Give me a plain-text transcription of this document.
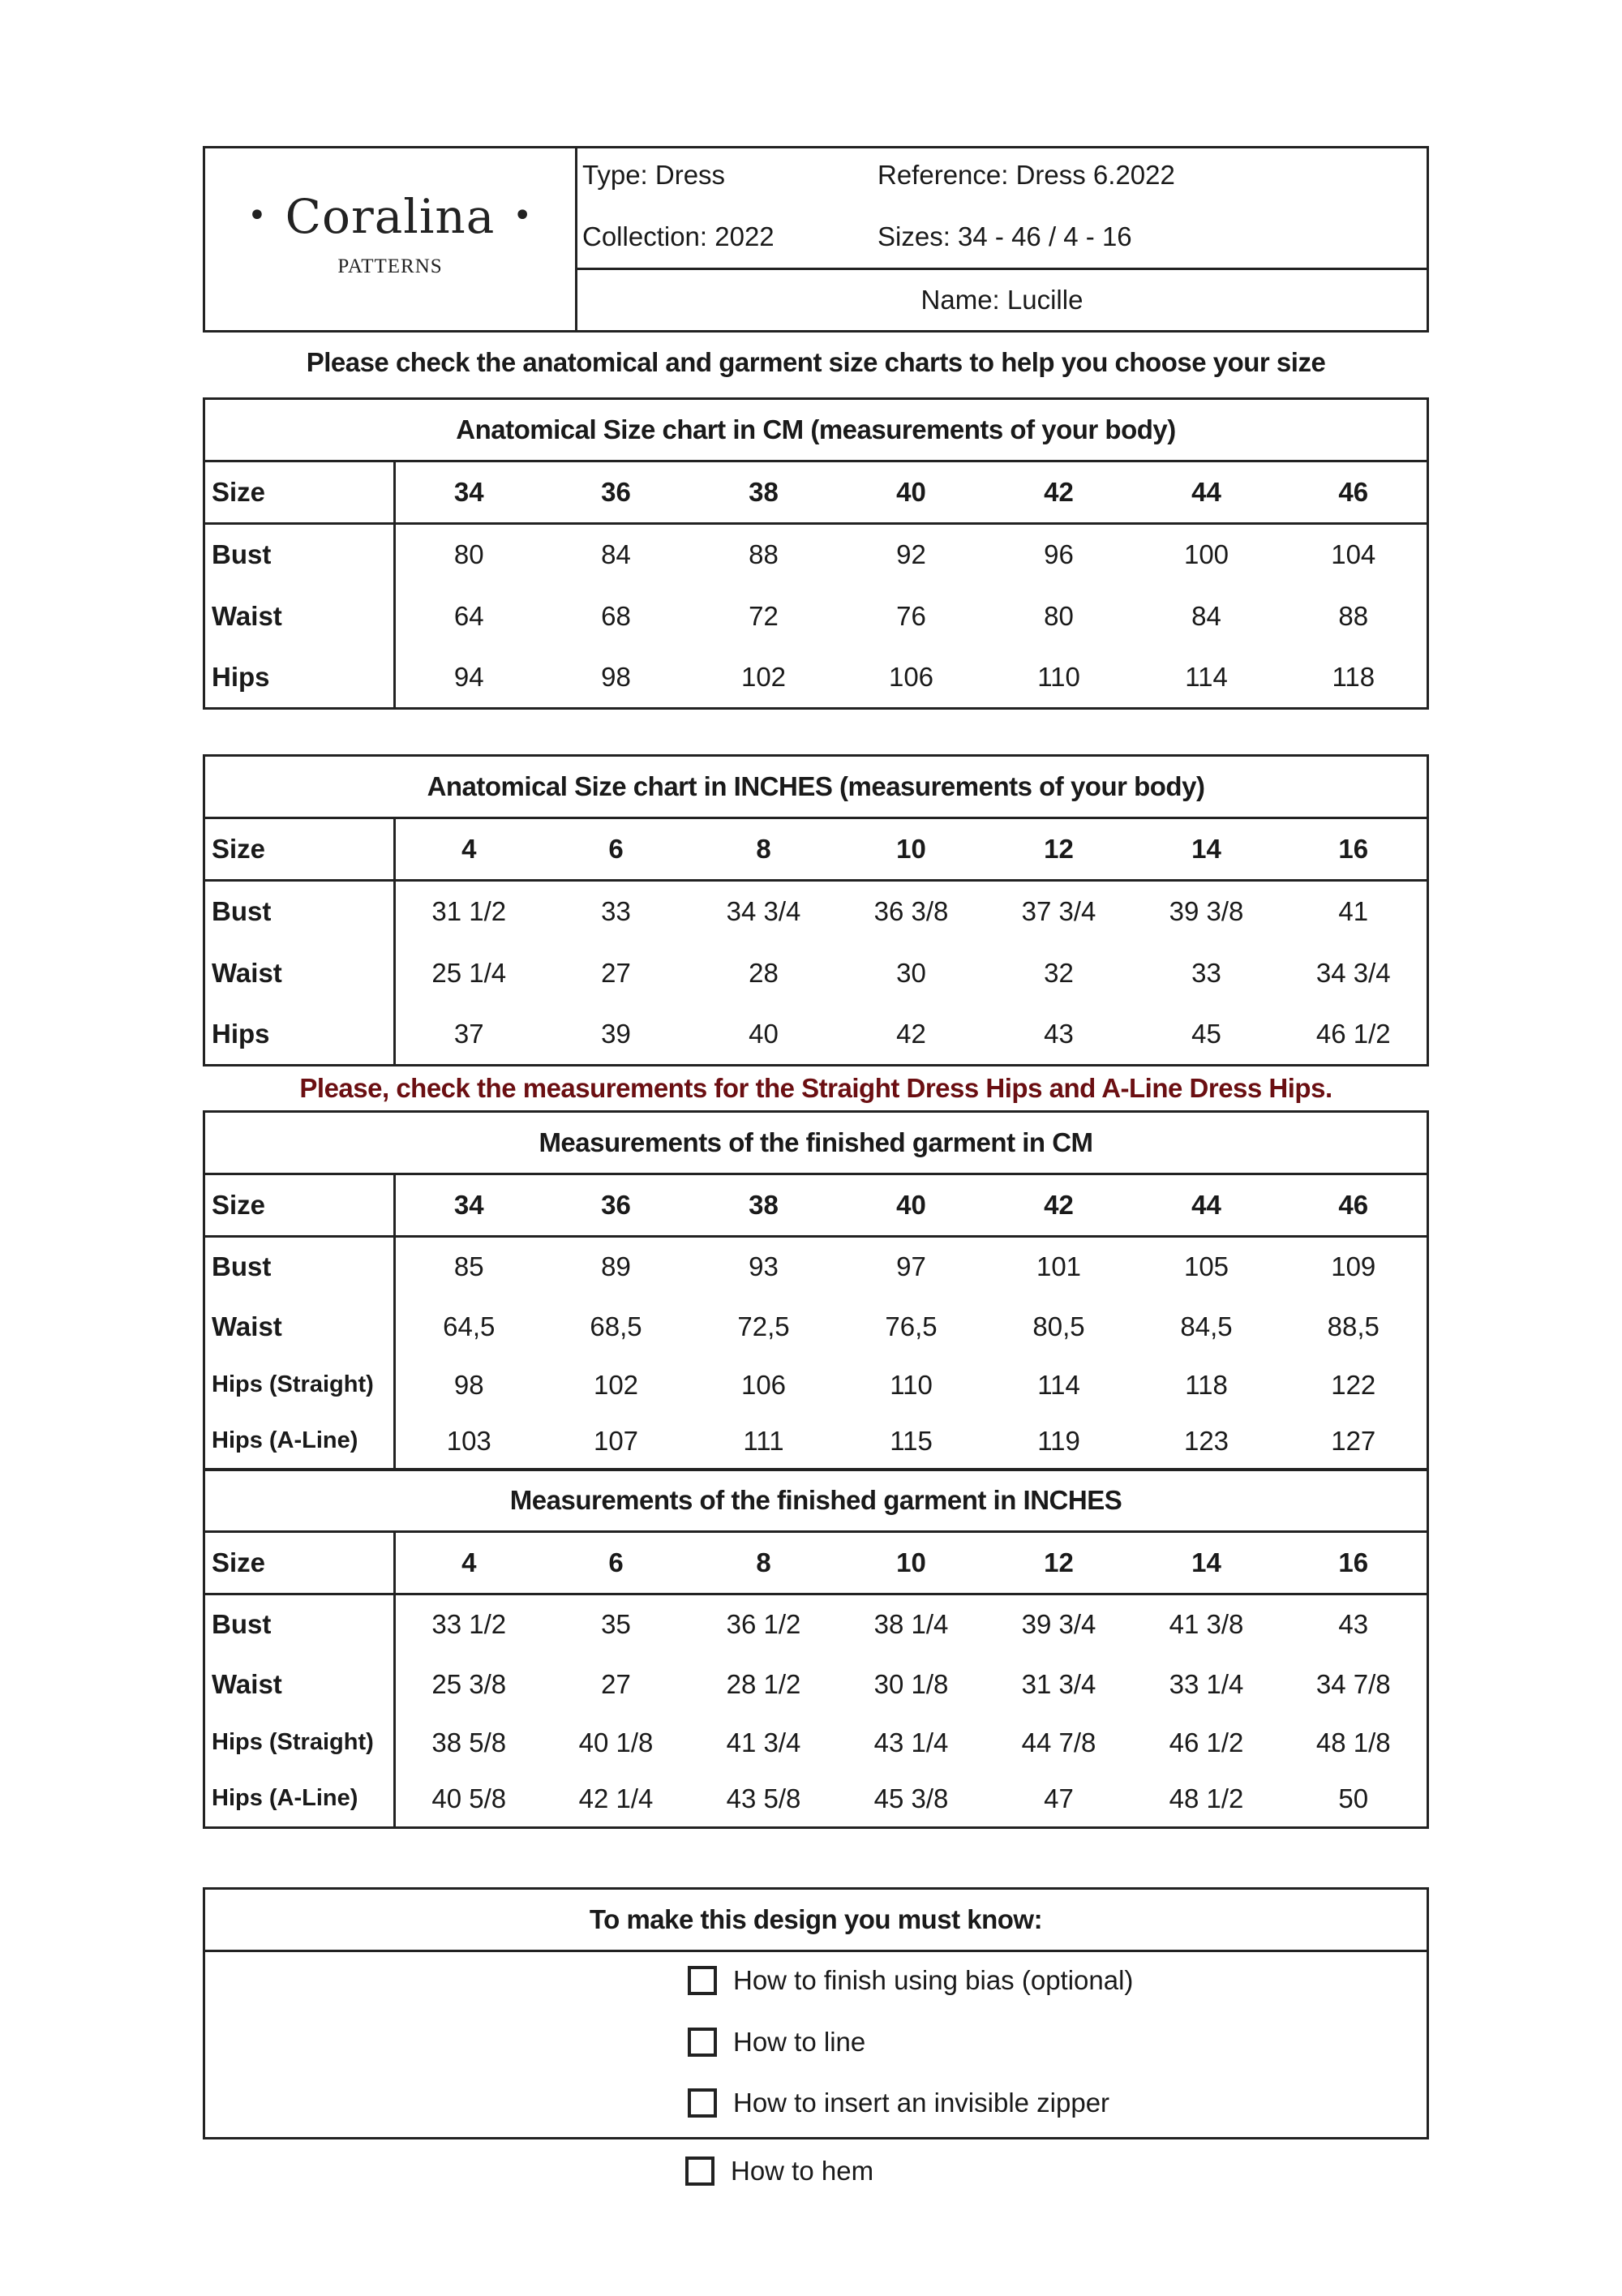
• Coralina •
PATTERNS
Type: Dress	Reference: Dress 6.2022
Collection: 2022	Sizes: 34 - 46 / 4 - 16
Name: Lucille
Please check the anatomical and garment size charts to help you choose your size
Anatomical Size chart in CM (measurements of your body)							
Size	34	36	38	40	42	44	46
Bust	80	84	88	92	96	100	104
Waist	64	68	72	76	80	84	88
Hips	94	98	102	106	110	114	118
Anatomical Size chart in INCHES (measurements of your body)							
Size	4	6	8	10	12	14	16
Bust	31 1/2	33	34 3/4	36 3/8	37 3/4	39 3/8	41
Waist	25 1/4	27	28	30	32	33	34 3/4
Hips	37	39	40	42	43	45	46 1/2
Please, check the measurements for the Straight Dress Hips and A-Line Dress Hips.
Measurements of the finished garment in CM							
Size	34	36	38	40	42	44	46
Bust	85	89	93	97	101	105	109
Waist	64,5	68,5	72,5	76,5	80,5	84,5	88,5
Hips (Straight)	98	102	106	110	114	118	122
Hips (A-Line)	103	107	111	115	119	123	127
Measurements of the finished garment in INCHES							
Size	4	6	8	10	12	14	16
Bust	33 1/2	35	36 1/2	38 1/4	39 3/4	41 3/8	43
Waist	25 3/8	27	28 1/2	30 1/8	31 3/4	33 1/4	34 7/8
Hips (Straight)	38 5/8	40 1/8	41 3/4	43 1/4	44 7/8	46 1/2	48 1/8
Hips (A-Line)	40 5/8	42 1/4	43 5/8	45 3/8	47	48 1/2	50
To make this design you must know:
How to finish using bias (optional)
How to line
How to insert an invisible zipper
How to hem
